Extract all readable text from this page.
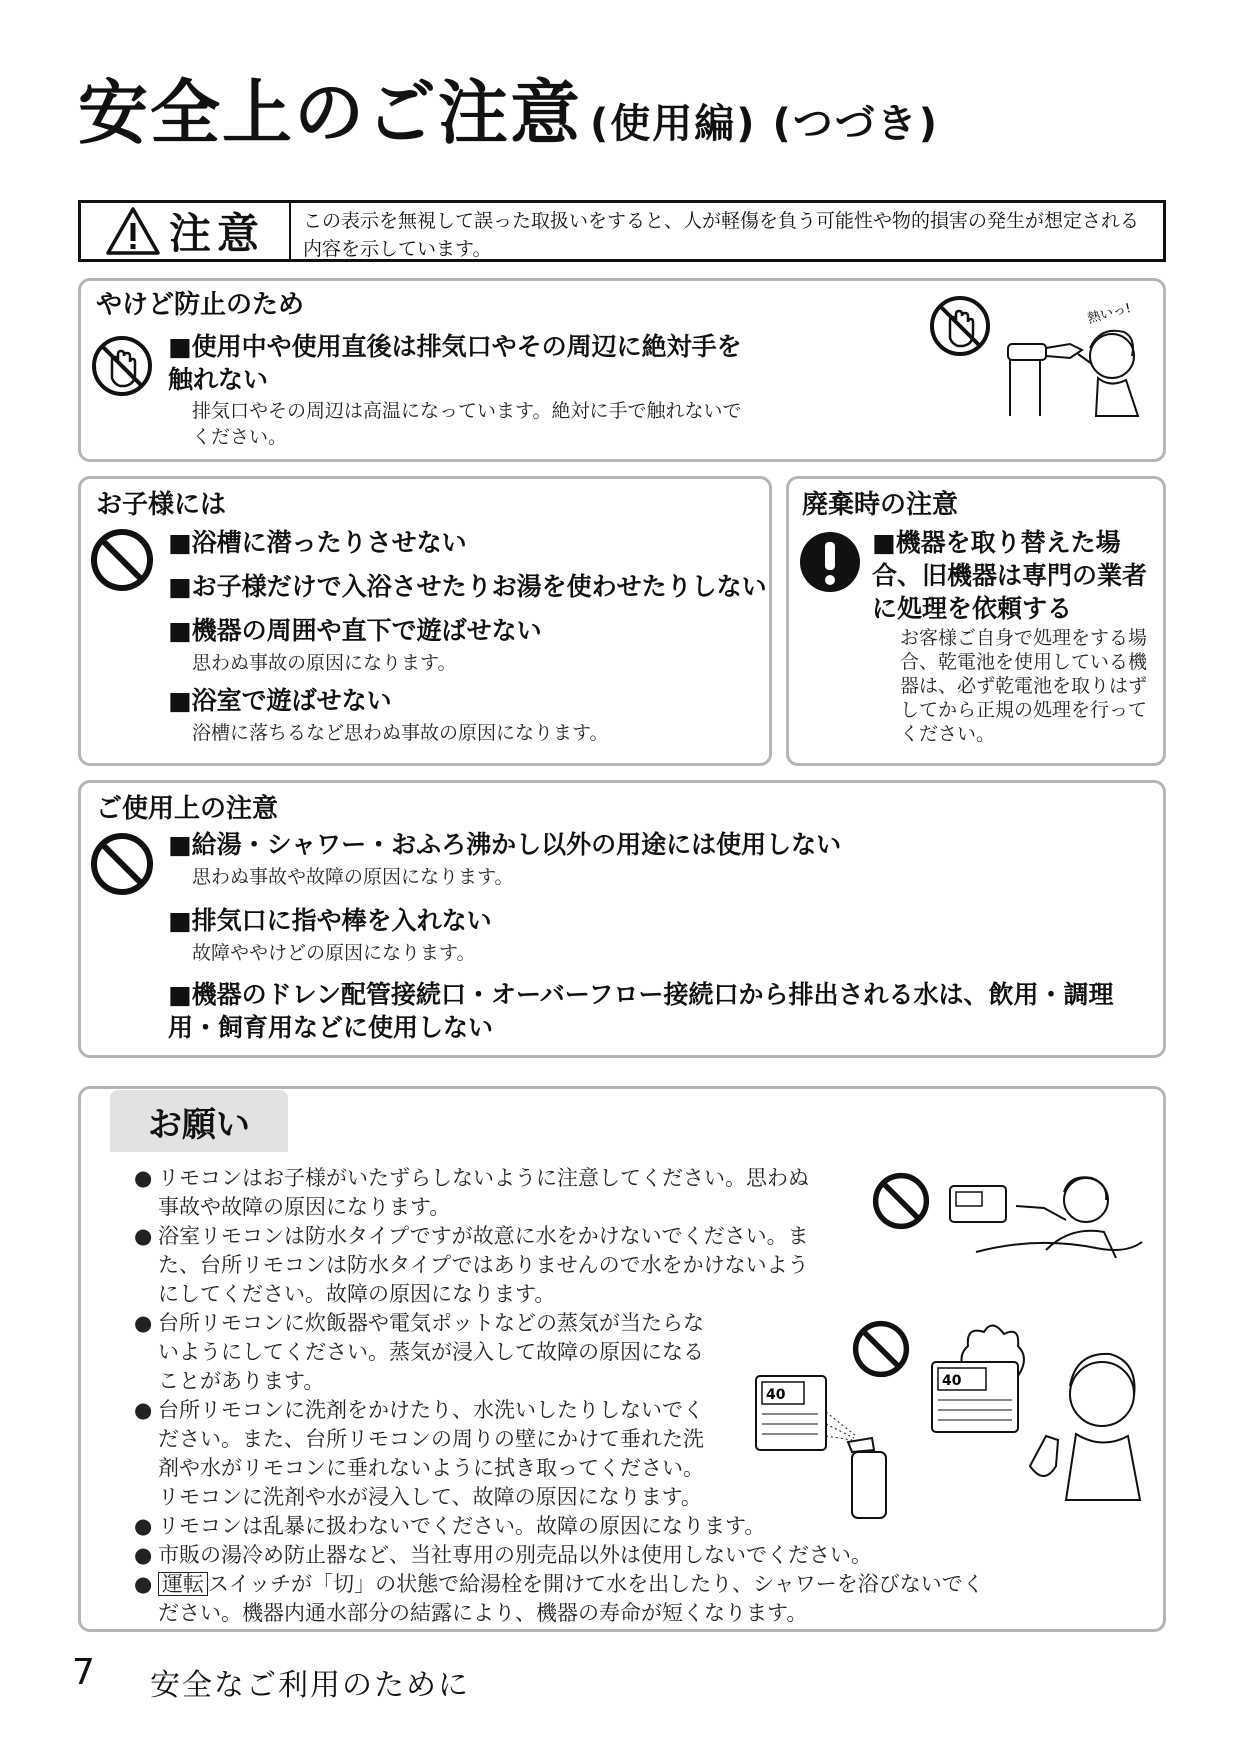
安全上のご注意 (使用編) (つづき)
注意	この表示を無視して誤った取扱いをすると、人が軽傷を負う可能性や物的損害の発生が想定される内容を示しています。
やけど防止のため
■使用中や使用直後は排気口やその周辺に絶対手を触れない
排気口やその周辺は高温になっています。絶対に手で触れないでください。
熱いっ!
お子様には
■浴槽に潜ったりさせない
■お子様だけで入浴させたりお湯を使わせたりしない
■機器の周囲や直下で遊ばせない
思わぬ事故の原因になります。
■浴室で遊ばせない
浴槽に落ちるなど思わぬ事故の原因になります。
廃棄時の注意
■機器を取り替えた場合、旧機器は専門の業者に処理を依頼する
お客様ご自身で処理をする場合、乾電池を使用している機器は、必ず乾電池を取りはずしてから正規の処理を行ってください。
ご使用上の注意
■給湯・シャワー・おふろ沸かし以外の用途には使用しない
思わぬ事故や故障の原因になります。
■排気口に指や棒を入れない
故障ややけどの原因になります。
■機器のドレン配管接続口・オーバーフロー接続口から排出される水は、飲用・調理用・飼育用などに使用しない
お願い
● リモコンはお子様がいたずらしないように注意してください。思わぬ事故や故障の原因になります。
● 浴室リモコンは防水タイプですが故意に水をかけないでください。また、台所リモコンは防水タイプではありませんので水をかけないようにしてください。故障の原因になります。
● 台所リモコンに炊飯器や電気ポットなどの蒸気が当たらないようにしてください。蒸気が浸入して故障の原因になることがあります。
● 台所リモコンに洗剤をかけたり、水洗いしたりしないでください。また、台所リモコンの周りの壁にかけて垂れた洗剤や水がリモコンに垂れないように拭き取ってください。リモコンに洗剤や水が浸入して、故障の原因になります。
● リモコンは乱暴に扱わないでください。故障の原因になります。
● 市販の湯冷め防止器など、当社専用の別売品以外は使用しないでください。
● 運転 スイッチが「切」の状態で給湯栓を開けて水を出したり、シャワーを浴びないでください。機器内通水部分の結露により、機器の寿命が短くなります。
40
40
7 安全なご利用のために
